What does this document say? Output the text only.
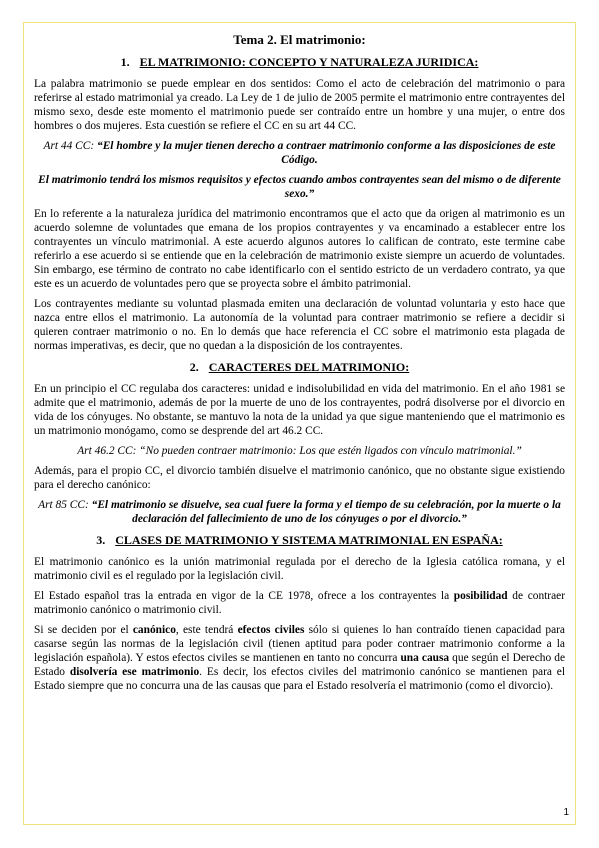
Tema 2. El matrimonio:
1. EL MATRIMONIO: CONCEPTO Y NATURALEZA JURIDICA:

La palabra matrimonio se puede emplear en dos sentidos: Como el acto de celebración del matrimonio o para referirse al estado matrimonial ya creado. La Ley de 1 de julio de 2005 permite el matrimonio entre contrayentes del mismo sexo, desde este momento el matrimonio puede ser contraído entre un hombre y una mujer, o entre dos hombres o dos mujeres. Esta cuestión se refiere el CC en su art 44 CC.

Art 44 CC: “El hombre y la mujer tienen derecho a contraer matrimonio conforme a las disposiciones de este Código.

El matrimonio tendrá los mismos requisitos y efectos cuando ambos contrayentes sean del mismo o de diferente sexo.”

En lo referente a la naturaleza jurídica del matrimonio encontramos que el acto que da origen al matrimonio es un acuerdo solemne de voluntades que emana de los propios contrayentes y va encaminado a establecer entre los contrayentes un vínculo matrimonial. A este acuerdo algunos autores lo califican de contrato, este termine cabe referirlo a ese acuerdo si se entiende que en la celebración de matrimonio existe siempre un acuerdo de voluntades. Sin embargo, ese término de contrato no cabe identificarlo con el sentido estricto de un verdadero contrato, ya que este es un acuerdo de voluntades pero que se proyecta sobre el ámbito patrimonial.

Los contrayentes mediante su voluntad plasmada emiten una declaración de voluntad voluntaria y esto hace que nazca entre ellos el matrimonio. La autonomía de la voluntad para contraer matrimonio se refiere a decidir si quieren contraer matrimonio o no. En lo demás que hace referencia el CC sobre el matrimonio esta plagada de normas imperativas, es decir, que no quedan a la disposición de los contrayentes.

2. CARACTERES DEL MATRIMONIO:

En un principio el CC regulaba dos caracteres: unidad e indisolubilidad en vida del matrimonio. En el año 1981 se admite que el matrimonio, además de por la muerte de uno de los contrayentes, podrá disolverse por el divorcio en vida de los cónyuges. No obstante, se mantuvo la nota de la unidad ya que sigue manteniendo que el matrimonio es un matrimonio monógamo, como se desprende del art 46.2 CC.

Art 46.2 CC: “No pueden contraer matrimonio: Los que estén ligados con vínculo matrimonial.”

Además, para el propio CC, el divorcio también disuelve el matrimonio canónico, que no obstante sigue existiendo para el derecho canónico:

Art 85 CC: “El matrimonio se disuelve, sea cual fuere la forma y el tiempo de su celebración, por la muerte o la declaración del fallecimiento de uno de los cónyuges o por el divorcio.”

3. CLASES DE MATRIMONIO Y SISTEMA MATRIMONIAL EN ESPAÑA:

El matrimonio canónico es la unión matrimonial regulada por el derecho de la Iglesia católica romana, y el matrimonio civil es el regulado por la legislación civil.

El Estado español tras la entrada en vigor de la CE 1978, ofrece a los contrayentes la posibilidad de contraer matrimonio canónico o matrimonio civil.

Si se deciden por el canónico, este tendrá efectos civiles sólo si quienes lo han contraído tienen capacidad para casarse según las normas de la legislación civil (tienen aptitud para poder contraer matrimonio conforme a la legislación española). Y estos efectos civiles se mantienen en tanto no concurra una causa que según el Derecho de Estado disolvería ese matrimonio. Es decir, los efectos civiles del matrimonio canónico se mantienen para el Estado siempre que no concurra una de las causas que para el Estado resolvería el matrimonio (como el divorcio).

1
